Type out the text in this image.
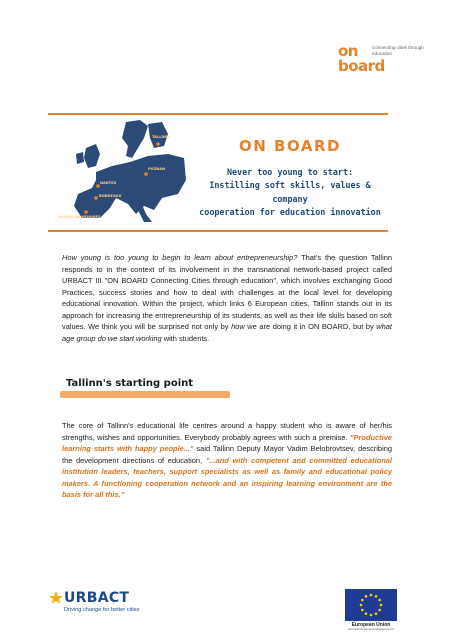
on
board
Connecting cities through education
TALLINN
POZNAN
NANTES
BORDEAUX
ALCALA DE HENARES
ON BOARD
Never too young to start:
Instilling soft skills, values & company
cooperation for education innovation
How young is too young to begin to learn about entrepreneurship? That's the question Tallinn responds to in the context of its involvement in the transnational network-based project called URBACT III "ON BOARD Connecting Cities through education", which involves exchanging Good Practices, success stories and how to deal with challenges at the local level for developing educational innovation. Within the project, which links 6 European cities, Tallinn stands out in its approach for increasing the entrepreneurship of its students, as well as their life skills based on soft values. We think you will be surprised not only by how we are doing it in ON BOARD, but by what age group do we start working with students.
Tallinn's starting point
The core of Tallinn's educational life centres around a happy student who is aware of her/his strengths, wishes and opportunities. Everybody probably agrees with such a premise. "Productive learning starts with happy people..." said Tallinn Deputy Mayor Vadim Belobrovtsev, describing the development directions of education, "...and with competent and committed educational institution leaders, teachers, support specialists as well as family and educational policy makers. A functioning cooperation network and an inspiring learning environment are the basis for all this."
URBACT
Driving change for better cities
European Union
European Regional Development Fund
